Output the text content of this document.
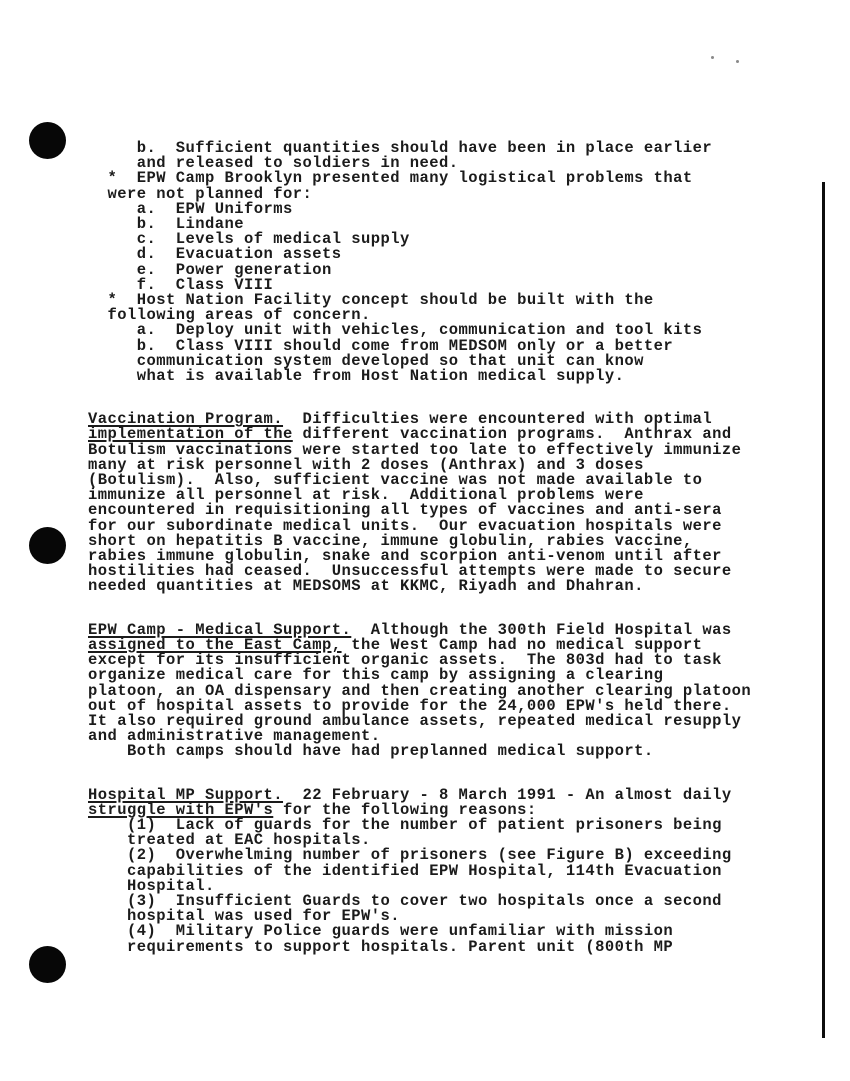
b.  Sufficient quantities should have been in place earlier
and released to soldiers in need.
*  EPW Camp Brooklyn presented many logistical problems that
were not planned for:
a.  EPW Uniforms
b.  Lindane
c.  Levels of medical supply
d.  Evacuation assets
e.  Power generation
f.  Class VIII
*  Host Nation Facility concept should be built with the
following areas of concern.
a.  Deploy unit with vehicles, communication and tool kits
b.  Class VIII should come from MEDSOM only or a better
communication system developed so that unit can know
what is available from Host Nation medical supply.
Vaccination Program.  Difficulties were encountered with optimal
implementation of the different vaccination programs.  Anthrax and
Botulism vaccinations were started too late to effectively immunize
many at risk personnel with 2 doses (Anthrax) and 3 doses
(Botulism).  Also, sufficient vaccine was not made available to
immunize all personnel at risk.  Additional problems were
encountered in requisitioning all types of vaccines and anti-sera
for our subordinate medical units.  Our evacuation hospitals were
short on hepatitis B vaccine, immune globulin, rabies vaccine,
rabies immune globulin, snake and scorpion anti-venom until after
hostilities had ceased.  Unsuccessful attempts were made to secure
needed quantities at MEDSOMS at KKMC, Riyadh and Dhahran.
EPW Camp - Medical Support.  Although the 300th Field Hospital was
assigned to the East Camp, the West Camp had no medical support
except for its insufficient organic assets.  The 803d had to task
organize medical care for this camp by assigning a clearing
platoon, an OA dispensary and then creating another clearing platoon
out of hospital assets to provide for the 24,000 EPW's held there.
It also required ground ambulance assets, repeated medical resupply
and administrative management.
Both camps should have had preplanned medical support.
Hospital MP Support.  22 February - 8 March 1991 - An almost daily
struggle with EPW's for the following reasons:
(1)  Lack of guards for the number of patient prisoners being
treated at EAC hospitals.
(2)  Overwhelming number of prisoners (see Figure B) exceeding
capabilities of the identified EPW Hospital, 114th Evacuation
Hospital.
(3)  Insufficient Guards to cover two hospitals once a second
hospital was used for EPW's.
(4)  Military Police guards were unfamiliar with mission
requirements to support hospitals. Parent unit (800th MP
